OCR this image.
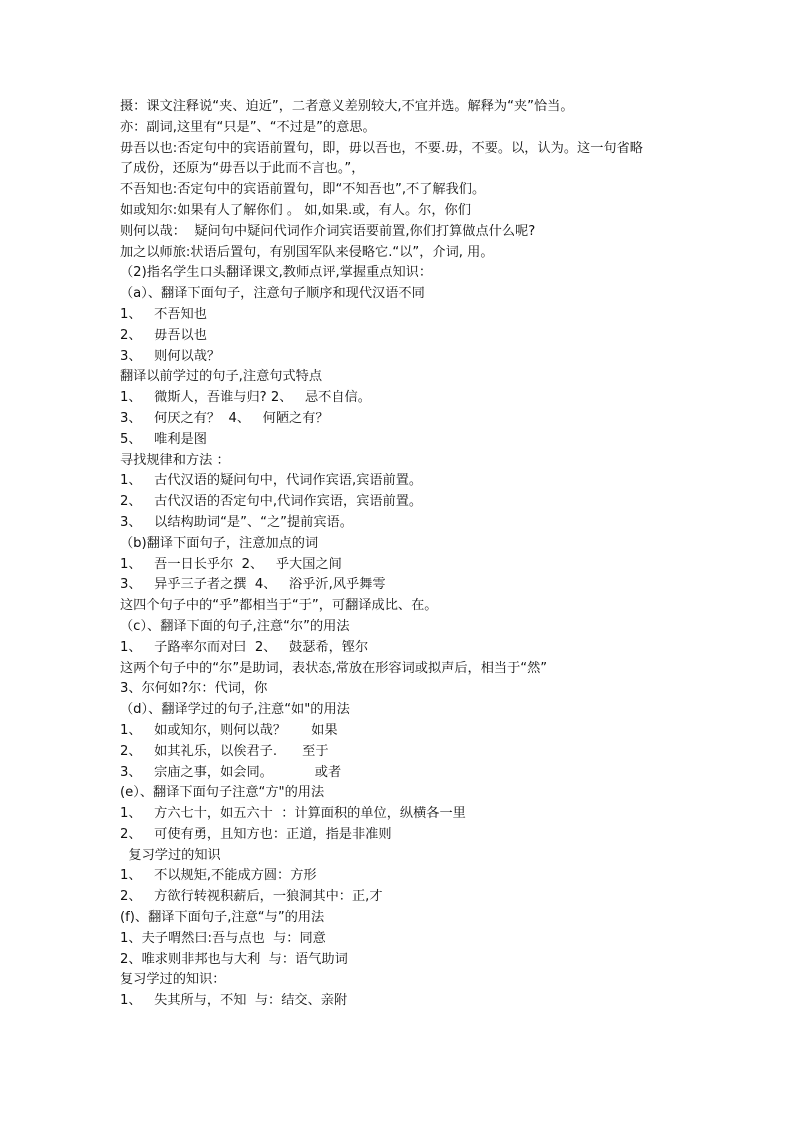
摄：课文注释说“夹、迫近”，二者意义差别较大,不宜并选。解释为“夹”恰当。
亦：副词,这里有“只是”、“不过是”的意思。
毋吾以也:否定句中的宾语前置句，即，毋以吾也，不要.毋，不要。以，认为。这一句省略
了成份，还原为“毋吾以于此而不言也。”，
不吾知也:否定句中的宾语前置句，即“不知吾也”,不了解我们。
如或知尔:如果有人了解你们 。 如,如果.或，有人。尔，你们
则何以哉：  疑问句中疑问代词作介词宾语要前置,你们打算做点什么呢?
加之以师旅:状语后置句，有别国军队来侵略它.“以”，介词, 用。
（2)指名学生口头翻译课文,教师点评,掌握重点知识：
（a）、翻译下面句子，注意句子顺序和现代汉语不同
1、   不吾知也
2、   毋吾以也
3、   则何以哉？
翻译以前学过的句子,注意句式特点
1、   微斯人，吾谁与归? 2、   忌不自信。
3、   何厌之有？  4、   何陋之有？
5、   唯利是图
寻找规律和方法 ：
1、   古代汉语的疑问句中，代词作宾语,宾语前置。
2、   古代汉语的否定句中,代词作宾语，宾语前置。
3、   以结构助词“是”、“之”提前宾语。
（b)翻译下面句子，注意加点的词
1、   吾一日长乎尔  2、   乎大国之间
3、   异乎三子者之撰  4、   浴乎沂,风乎舞雩
这四个句子中的“乎”都相当于“于”，可翻译成比、在。
（c）、翻译下面的句子,注意“尔”的用法
1、   子路率尔而对曰  2、   鼓瑟希，铿尔
这两个句子中的“尔”是助词，表状态,常放在形容词或拟声后，相当于“然”
3、尔何如?尔：代词，你
（d）、翻译学过的句子,注意“如"的用法
1、   如或知尔，则何以哉？      如果
2、   如其礼乐，以俟君子.      至于
3、   宗庙之事，如会同。          或者
(e）、翻译下面句子注意“方"的用法
1、   方六七十，如五六十  ：计算面积的单位，纵横各一里
2、   可使有勇，且知方也：正道，指是非准则
复习学过的知识
1、   不以规矩,不能成方圆：方形
2、   方欲行转视积薪后，一狼洞其中：正,才
(f)、翻译下面句子,注意“与”的用法
1、夫子喟然曰:吾与点也  与：同意
2、唯求则非邦也与大利  与：语气助词
复习学过的知识：
1、   失其所与，不知  与：结交、亲附
